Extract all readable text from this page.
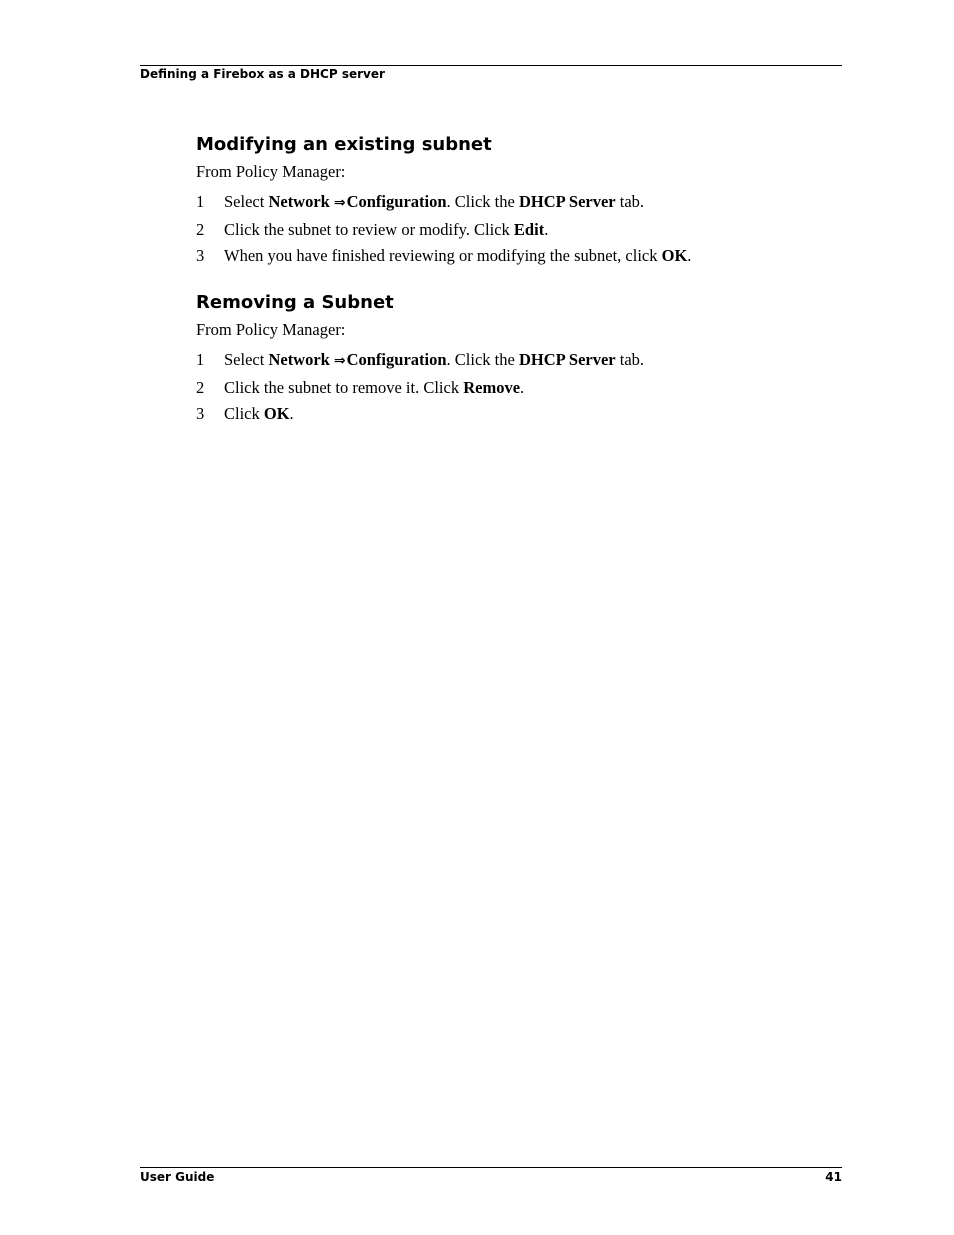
Defining a Firebox as a DHCP server
Modifying an existing subnet

From Policy Manager:

1 Select Network ⇒Configuration. Click the DHCP Server tab.
2 Click the subnet to review or modify. Click Edit.
3 When you have finished reviewing or modifying the subnet, click OK.
Removing a Subnet

From Policy Manager:

1 Select Network ⇒Configuration. Click the DHCP Server tab.
2 Click the subnet to remove it. Click Remove.
3 Click OK.
User Guide	41
